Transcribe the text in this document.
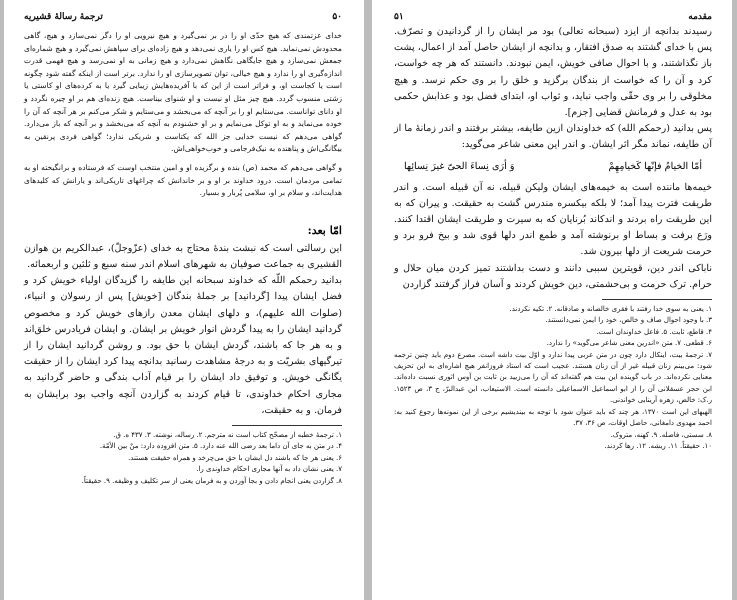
۵۰
ترجمهٔ رسالهٔ قشیریه
خدای عزتمندی که هیچ حدّی او را در بر نمی‌گیرد و هیچ نیرویی او را دگر نمی‌سازد و هیچ، گاهی محدودش نمی‌نماید. هیچ کس او را یاری نمی‌دهد و هیچ زاده‌ای برای سپاهش نمی‌گیرد و هیچ شماره‌ای جمعش نمی‌سازد و هیچ جایگاهی نگاهش نمی‌دارد و هیچ زمانی به او نمی‌رسد و هیچ فهمی قدرت اندازه‌گیری او را ندارد و هیچ خیالی، توان تصویرسازی او را ندارد. برتر است از اینکه گفته شود چگونه است یا کجاست او، و فراتر است از این که با آفریده‌هایش زیبایی گیرد یا به کرده‌های او کاستی یا زشتی منسوب گردد. هیچ چیز مثل او نیست و او شنوای بیناست. هیچ زنده‌ای هم بر او چیره نگردد و او دانای تواناست. می‌ستایم او را بر آنچه که می‌بخشد و می‌ستایم و شکر می‌کنم بر هر آنچه که آن را خوده می‌نماید و به او توکل می‌نمایم و بر او خشنودم به آنچه که می‌بخشد و بر آنچه که باز می‌دارد. گواهی می‌دهم که نیست خدایی جز الله که یکتاست و شریکی ندارد؛ گواهی فردی پرنقین به بیگانگی‌اش و پناهنده به نیک‌فرجامی و خوب‌خواهی‌اش.
و گواهی می‌دهم که محمد (ص) بنده و برگزیده او و امین منتخب اوست که فرستاده و برانگیخته او به تمامی مردمان است. درود خداوند بر او و بر خاندانش که چراغهای تاریکی‌اند و یارانش که کلیدهای هدایت‌اند، و سلام بر او، سلامی پُربار و بسیار.
امّا بعد:
این رسالتی است که نبشت بندهٔ محتاج به خدای (عزّوجلّ)، عبدالکریم بن هوازن القشیری به جماعت صوفیان به شهرهای اسلام اندر سنه سبع و ثلثین و اربعمائه.
بدانید رحمکم اللّه که خداوند سبحانه این طایفه را گزیدگان اولیاء خویش کرد و فضل ایشان پیدا [گردانید] بر جملهٔ بندگان [خویش] پس از رسولان و انبیاء، (صلوات الله علیهم)، و دلهای ایشان معدن رازهای خویش کرد و مخصوص گردانید ایشان را به پیدا گردش انوار خویش بر ایشان. و ایشان فریادرس خلق‌اند و به هر جا که باشند، گردش ایشان با حق بود. و روشن گردانید ایشان را از تیرگیهای بشریّت و به درجهٔ مشاهدت رسانید بدانچه پیدا کرد ایشان را از حقیقت یگانگی خویش. و توفیق داد ایشان را بر قیام آداب بندگی و حاضر گردانید به مجاری احکام خداوندی، تا قیام کردند به گزاردن آنچه واجب بود برایشان به فرمان. و به حقیقت،
۱. ترجمهٔ خطبه از مصحّح کتاب است نه مترجم. ۲. رساله، نوشته. ۳. ۴۳۷ ه. ق.
۴. در متن به جای آن داما بعد رضی الله عنه دارد. ۵. متن افزوده دارد: منْ بین الأمّة.
۶. یعنی هر جا که باشند دل ایشان با حق می‌چرخد و همراه حقیقت هستند.
۷. یعنی نشان داد به آنها مجاری احکام خداوندی را.
۸. گزاردن یعنی انجام دادن و بجا آوردن و به فرمان یعنی از سر تکلیف و وظیفه. ۹. حقیقتاً.
مقدمه
۵۱
رسیدند بدانچه از ایزد (سبحانه تعالی) بود مر ایشان را از گردانیدن و تصرّف. پس با خدای گشتند به صدق افتقار، و بدانچه از ایشان حاصل آمد از اعمال، پشت باز نگذاشتند، و با احوال صافی خویش، ایمن نبودند. دانستند که هر چه خواست، کرد و آن را که خواست از بندگان برگزید و خلق را بر وی حکم نرسد. و هیچ مخلوقی را بر وی حقّی واجب نباید، و ثواب او، ابتدای فضل بود و عذابش حکمی بود به عدل و فرمانش قضایی [جزم].
پس بدانید (رحمکم الله) که خداوندان ازین طایفه، بیشتر برفتند و اندر زمانهٔ ما از آن طایفه، نماند مگر اثر ایشان. و اندر این معنی شاعر می‌گوید:
أمّا الخیامُ فإنّها کَخیامِهِمْ
وَ أرَی نِساءَ الحیّ غیرَ نِسائِها
خیمه‌ها ماننده است به خیمه‌های ایشان ولیکن قبیله، نه آن قبیله است. و اندر طریقت فترت پیدا آمد؛ لا بلکه بیکسره مندرس گشت به حقیقت. و پیران که به این طریقت راه بردند و اندکاند بُرنایان که به سیرت و طریقت ایشان اقتدا کنند. ورَع برفت و بساط او برنوشته آمد و طمع اندر دلها قوی شد و بیخ فرو برد و حرمت شریعت از دلها بیرون شد.
ناباکی اندر دین، قویترین سببی دانند و دست بداشتند تمیز کردن میان حلال و حرام. ترک حرمت و بی‌حشمتی، دین خویش کردند و آسان فراز گرفتند گزاردن
۱. یعنی به سوی خدا رفتند با فقری خالصانه و صادقانه. ۲. تکیه نکردند.
۳. با وجود احوال صاف و خالص، خود را ایمن نمی‌دانستند.
۴. قاطع، ثابت. ۵. فاعل خداوندان است.
۶. قطعی. ۷. متن «اندرین معنی شاعر می‌گوید» را ندارد.
۷. ترجمهٔ بیت، اینکال دارد چون در متن عربی پیدا ندارد و اوّل بیت داشه است. مصرع دوم باید چنین ترجمه شود: می‌بینم زنان قبیله غیر از آن زنان هستند. عجیب است که استاد فروزانفر هیچ اشاره‌ای به این تحریف معنایی نکرده‌اند. در باب گوینده این بیت هم گفته‌اند که آن را می‌زیید بن ثابت بن آوس اثوری نسبت داده‌اند. ابن حجر عسقلانی آن را از ابو اسماعیل الاسماعیلی دانسته است. الاستیعاب، ابن عبدالبرّ، ج ۳، ص ۱۵۲۳. ر.ک: خالص، زهره آرینابی خواندنی.
الهیهای این است ۱۳۷۰، هر چند که باید عنوان شود با توجه به بیندیشیم برخی از این نمونه‌ها رجوع کنید به: احمد مهدوی دامغانی، حاصل اوقات، ص ۳۶، ۳۷.
۸. سستی، فاصله. ۹. کهنه، متروک.
۱۰. حقیقتاً. ۱۱. ریشه. ۱۲. رها کردند.
